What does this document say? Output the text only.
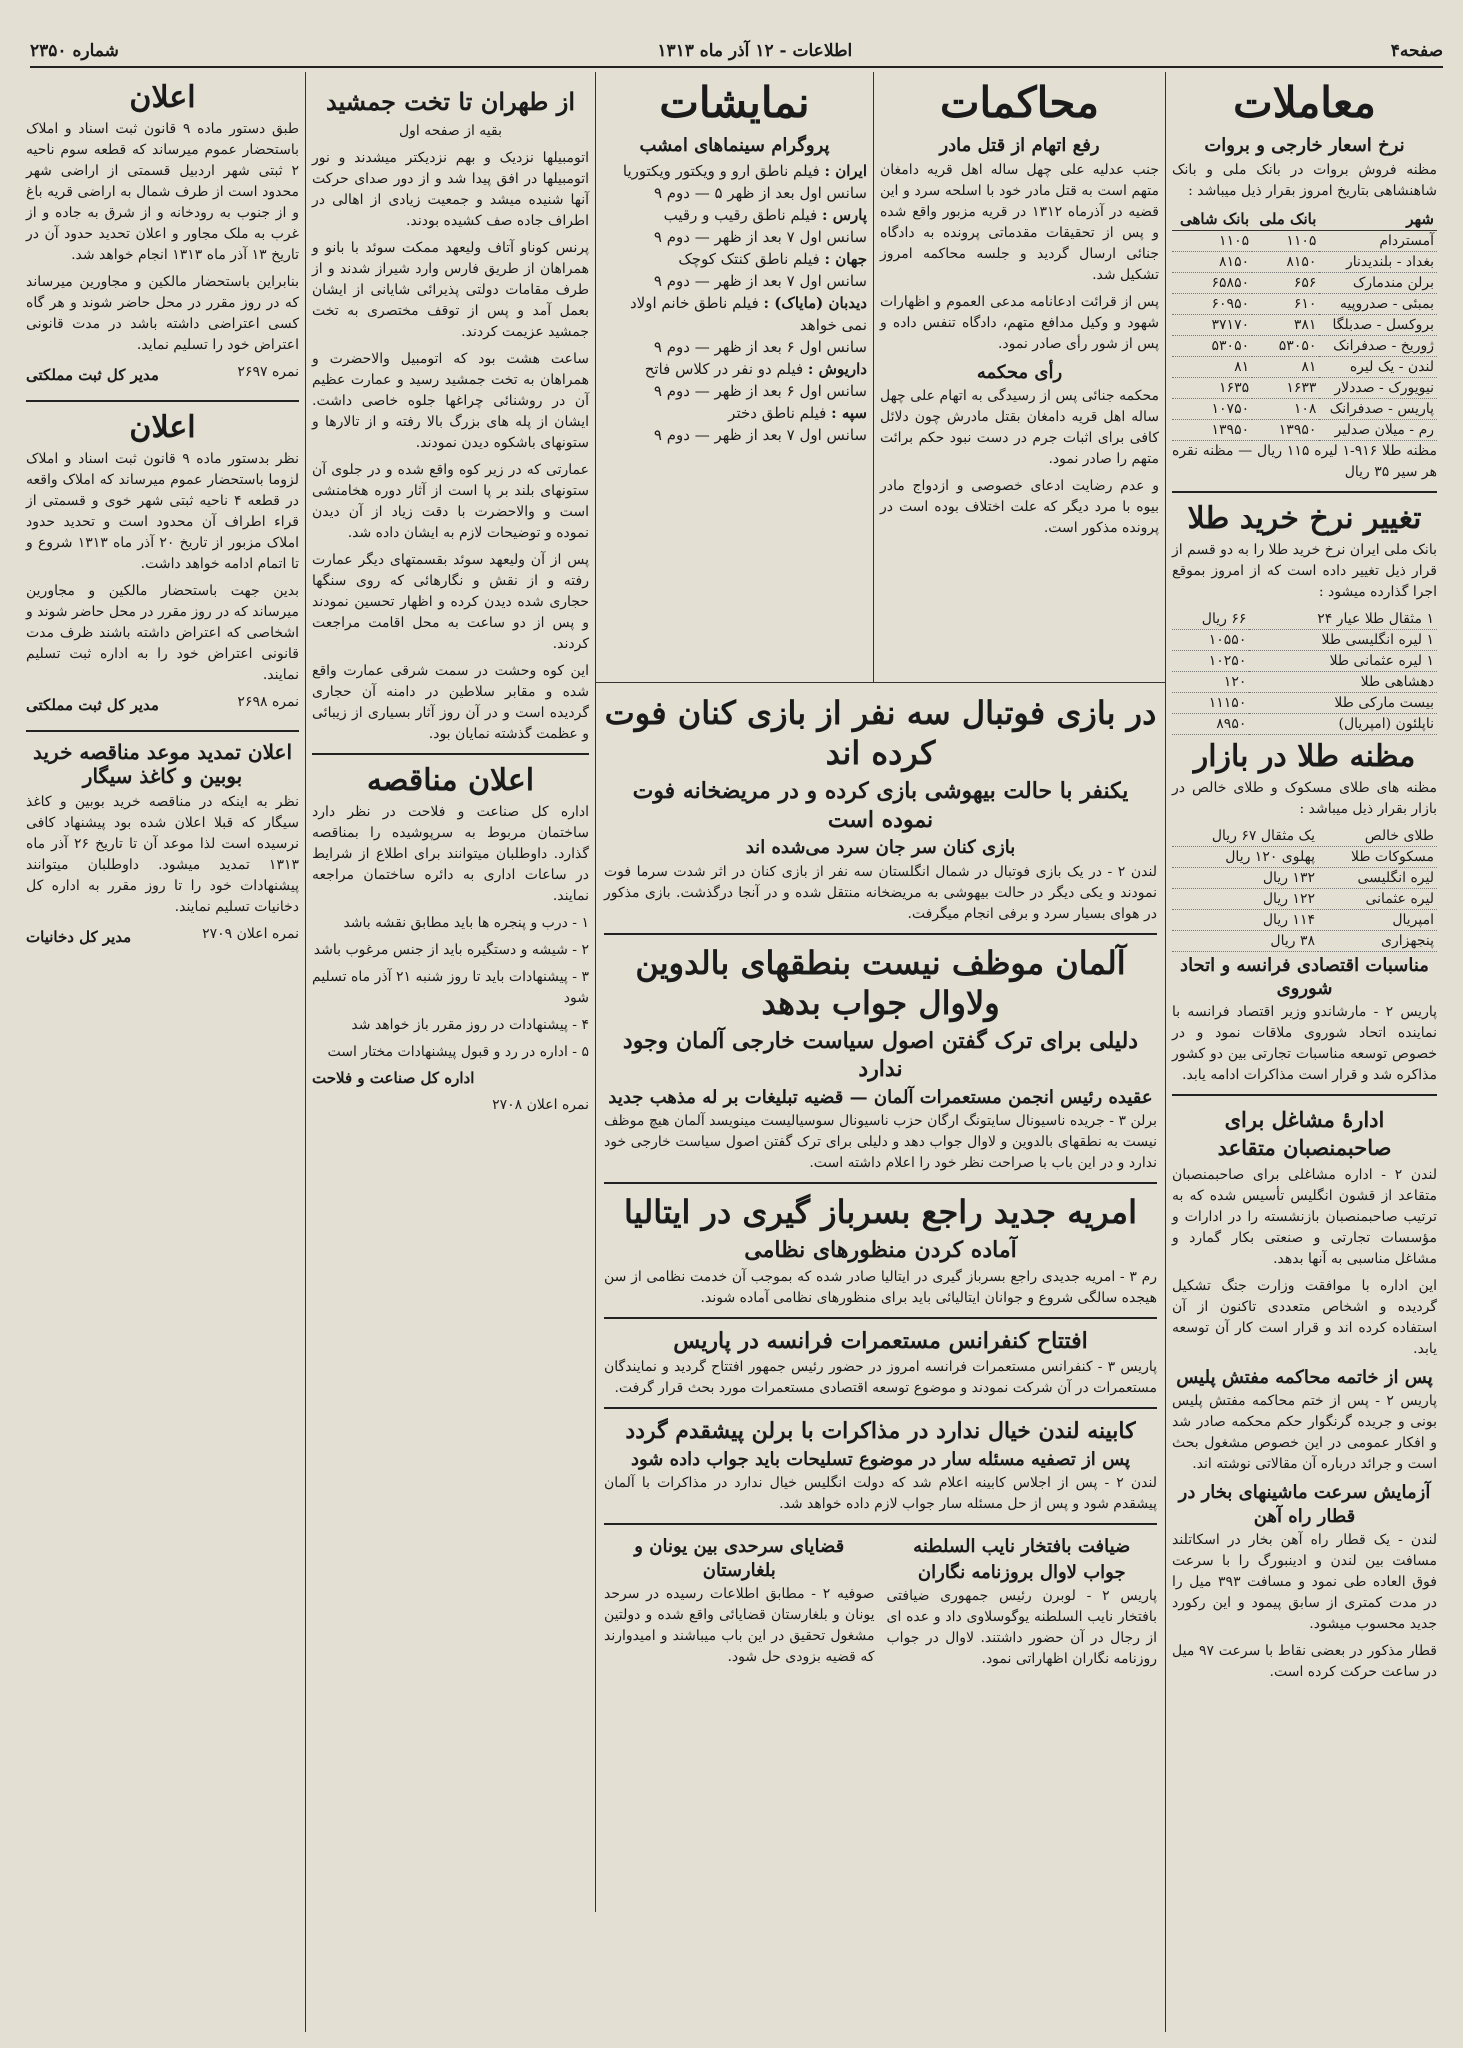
صفحه۴
اطلاعات - ۱۲ آذر ماه ۱۳۱۳
شماره ۲۳۵۰
معاملات
نرخ اسعار خارجی و بروات

مظنه فروش بروات در بانک ملی و بانک شاهنشاهی بتاریخ امروز بقرار ذیل میباشد :

شهر	بانک ملی	بانک شاهی
آمستردام	۱۱۰۵	۱۱۰۵
بغداد - بلندیدنار	۸۱۵۰	۸۱۵۰
برلن مندمارک	۶۵۶	۶۵۸۵۰
بمبئی - صدروپیه	۶۱۰	۶۰۹۵۰
بروکسل - صدبلگا	۳۸۱	۳۷۱۷۰
ژوریخ - صدفرانک	۵۳۰۵۰	۵۳۰۵۰
لندن - یک لیره	۸۱	۸۱
نیویورک - صددلار	۱۶۳۳	۱۶۳۵
پاریس - صدفرانک	۱۰۸	۱۰۷۵۰
رم - میلان صدلیر	۱۳۹۵۰	۱۳۹۵۰

مظنه طلا ۹۱۶-۱ لیره ۱۱۵ ریال — مظنه نقره هر سیر ۳۵ ریال

تغییر نرخ خرید طلا

بانک ملی ایران نرخ خرید طلا را به دو قسم از قرار ذیل تغییر داده است که از امروز بموقع اجرا گذارده میشود :

۱ مثقال طلا عیار ۲۴	۶۶ ریال
۱ لیره انگلیسی طلا	۱۰۵۵۰
۱ لیره عثمانی طلا	۱۰۲۵۰
دهشاهی طلا	۱۲۰
بیست مارکی طلا	۱۱۱۵۰
ناپلئون (امپریال)	۸۹۵۰
مظنه طلا در بازار

مظنه های طلای مسکوک و طلای خالص در بازار بقرار ذیل میباشد :

طلای خالص	یک مثقال ۶۷ ریال
مسکوکات طلا	پهلوی ۱۲۰ ریال
لیره انگلیسی	۱۳۲ ریال
لیره عثمانی	۱۲۲ ریال
امپریال	۱۱۴ ریال
پنجهزاری	۳۸ ریال
مناسبات اقتصادی فرانسه و اتحاد شوروی

پاریس ۲ - مارشاندو وزیر اقتصاد فرانسه با نماینده اتحاد شوروی ملاقات نمود و در خصوص توسعه مناسبات تجارتی بین دو کشور مذاکره شد و قرار است مذاکرات ادامه یابد.

ادارهٔ مشاغل برای صاحبمنصبان متقاعد

لندن ۲ - اداره مشاغلی برای صاحبمنصبان متقاعد از قشون انگلیس تأسیس شده که به ترتیب صاحبمنصبان بازنشسته را در ادارات و مؤسسات تجارتی و صنعتی بکار گمارد و مشاغل مناسبی به آنها بدهد.

این اداره با موافقت وزارت جنگ تشکیل گردیده و اشخاص متعددی تاکنون از آن استفاده کرده اند و قرار است کار آن توسعه یابد.

پس از خاتمه محاکمه مفتش پلیس

پاریس ۲ - پس از ختم محاکمه مفتش پلیس بونی و جریده گرنگوار حکم محکمه صادر شد و افکار عمومی در این خصوص مشغول بحث است و جرائد درباره آن مقالاتی نوشته اند.

آزمایش سرعت ماشینهای بخار در قطار راه آهن

لندن - یک قطار راه آهن بخار در اسکاتلند مسافت بین لندن و ادینبورگ را با سرعت فوق العاده طی نمود و مسافت ۳۹۳ میل را در مدت کمتری از سابق پیمود و این رکورد جدید محسوب میشود.

قطار مذکور در بعضی نقاط با سرعت ۹۷ میل در ساعت حرکت کرده است.

محاکمات
رفع اتهام از قتل مادر

جنب عدلیه علی چهل ساله اهل قریه دامغان متهم است به قتل مادر خود با اسلحه سرد و این قضیه در آذرماه ۱۳۱۲ در قریه مزبور واقع شده و پس از تحقیقات مقدماتی پرونده به دادگاه جنائی ارسال گردید و جلسه محاکمه امروز تشکیل شد.

پس از قرائت ادعانامه مدعی العموم و اظهارات شهود و وکیل مدافع متهم، دادگاه تنفس داده و پس از شور رأی صادر نمود.

رأی محکمه

محکمه جنائی پس از رسیدگی به اتهام علی چهل ساله اهل قریه دامغان بقتل مادرش چون دلائل کافی برای اثبات جرم در دست نبود حکم برائت متهم را صادر نمود.

و عدم رضایت ادعای خصوصی و ازدواج مادر بیوه با مرد دیگر که علت اختلاف بوده است در پرونده مذکور است.

نمایشات
پروگرام سینماهای امشب
ایران : فیلم ناطق ارو و ویکتور ویکتوریا
سانس اول بعد از ظهر ۵ — دوم ۹
پارس : فیلم ناطق رقیب و رقیب
سانس اول ۷ بعد از ظهر — دوم ۹
جهان : فیلم ناطق کنتک کوچک
سانس اول ۷ بعد از ظهر — دوم ۹
دیدبان (مایاک) : فیلم ناطق خانم اولاد نمی خواهد
سانس اول ۶ بعد از ظهر — دوم ۹
داریوش : فیلم دو نفر در کلاس فاتح
سانس اول ۶ بعد از ظهر — دوم ۹
سپه : فیلم ناطق دختر
سانس اول ۷ بعد از ظهر — دوم ۹
در بازی فوتبال سه نفر از بازی کنان فوت کرده اند
یکنفر با حالت بیهوشی بازی کرده و در مریضخانه فوت نموده است
بازی کنان سر جان سرد می‌شده اند

لندن ۲ - در یک بازی فوتبال در شمال انگلستان سه نفر از بازی کنان در اثر شدت سرما فوت نمودند و یکی دیگر در حالت بیهوشی به مریضخانه منتقل شده و در آنجا درگذشت. بازی مذکور در هوای بسیار سرد و برفی انجام میگرفت.

آلمان موظف نیست بنطقهای بالدوین ولاوال جواب بدهد
دلیلی برای ترک گفتن اصول سیاست خارجی آلمان وجود ندارد
عقیده رئیس انجمن مستعمرات آلمان — قضیه تبلیغات بر له مذهب جدید

برلن ۳ - جریده ناسیونال سایتونگ ارگان حزب ناسیونال سوسیالیست مینویسد آلمان هیچ موظف نیست به نطقهای بالدوین و لاوال جواب دهد و دلیلی برای ترک گفتن اصول سیاست خارجی خود ندارد و در این باب با صراحت نظر خود را اعلام داشته است.

امریه جدید راجع بسرباز گیری در ایتالیا
آماده کردن منظورهای نظامی

رم ۳ - امریه جدیدی راجع بسرباز گیری در ایتالیا صادر شده که بموجب آن خدمت نظامی از سن هیجده سالگی شروع و جوانان ایتالیائی باید برای منظورهای نظامی آماده شوند.

افتتاح کنفرانس مستعمرات فرانسه در پاریس

پاریس ۳ - کنفرانس مستعمرات فرانسه امروز در حضور رئیس جمهور افتتاح گردید و نمایندگان مستعمرات در آن شرکت نمودند و موضوع توسعه اقتصادی مستعمرات مورد بحث قرار گرفت.

کابینه لندن خیال ندارد در مذاکرات با برلن پیشقدم گردد
پس از تصفیه مسئله سار در موضوع تسلیحات باید جواب داده شود

لندن ۲ - پس از اجلاس کابینه اعلام شد که دولت انگلیس خیال ندارد در مذاکرات با آلمان پیشقدم شود و پس از حل مسئله سار جواب لازم داده خواهد شد.

ضیافت بافتخار نایب السلطنه
جواب لاوال بروزنامه نگاران

پاریس ۲ - لوبرن رئیس جمهوری ضیافتی بافتخار نایب السلطنه یوگوسلاوی داد و عده ای از رجال در آن حضور داشتند. لاوال در جواب روزنامه نگاران اظهاراتی نمود.

قضایای سرحدی بین یونان و بلغارستان

صوفیه ۲ - مطابق اطلاعات رسیده در سرحد یونان و بلغارستان قضایائی واقع شده و دولتین مشغول تحقیق در این باب میباشند و امیدوارند که قضیه بزودی حل شود.

از طهران تا تخت جمشید
بقیه از صفحه اول

اتومبیلها نزدیک و بهم نزدیکتر میشدند و نور اتومبیلها در افق پیدا شد و از دور صدای حرکت آنها شنیده میشد و جمعیت زیادی از اهالی در اطراف جاده صف کشیده بودند.

پرنس کوناو آتاف ولیعهد ممکت سوئد با بانو و همراهان از طریق فارس وارد شیراز شدند و از طرف مقامات دولتی پذیرائی شایانی از ایشان بعمل آمد و پس از توقف مختصری به تخت جمشید عزیمت کردند.

ساعت هشت بود که اتومبیل والاحضرت و همراهان به تخت جمشید رسید و عمارت عظیم آن در روشنائی چراغها جلوه خاصی داشت. ایشان از پله های بزرگ بالا رفته و از تالارها و ستونهای باشکوه دیدن نمودند.

عمارتی که در زیر کوه واقع شده و در جلوی آن ستونهای بلند بر پا است از آثار دوره هخامنشی است و والاحضرت با دقت زیاد از آن دیدن نموده و توضیحات لازم به ایشان داده شد.

پس از آن ولیعهد سوئد بقسمتهای دیگر عمارت رفته و از نقش و نگارهائی که روی سنگها حجاری شده دیدن کرده و اظهار تحسین نمودند و پس از دو ساعت به محل اقامت مراجعت کردند.

این کوه وحشت در سمت شرقی عمارت واقع شده و مقابر سلاطین در دامنه آن حجاری گردیده است و در آن روز آثار بسیاری از زیبائی و عظمت گذشته نمایان بود.

اعلان مناقصه

اداره کل صناعت و فلاحت در نظر دارد ساختمان مربوط به سرپوشیده را بمناقصه گذارد. داوطلبان میتوانند برای اطلاع از شرایط در ساعات اداری به دائره ساختمان مراجعه نمایند.

۱ - درب و پنجره ها باید مطابق نقشه باشد
۲ - شیشه و دستگیره باید از جنس مرغوب باشد
۳ - پیشنهادات باید تا روز شنبه ۲۱ آذر ماه تسلیم شود
۴ - پیشنهادات در روز مقرر باز خواهد شد
۵ - اداره در رد و قبول پیشنهادات مختار است
اداره کل صناعت و فلاحت
نمره اعلان ۲۷۰۸
اعلان

طبق دستور ماده ۹ قانون ثبت اسناد و املاک باستحضار عموم میرساند که قطعه سوم ناحیه ۲ ثبتی شهر اردبیل قسمتی از اراضی شهر محدود است از طرف شمال به اراضی قریه باغ و از جنوب به رودخانه و از شرق به جاده و از غرب به ملک مجاور و اعلان تحدید حدود آن در تاریخ ۱۳ آذر ماه ۱۳۱۳ انجام خواهد شد.

بنابراین باستحضار مالکین و مجاورین میرساند که در روز مقرر در محل حاضر شوند و هر گاه کسی اعتراضی داشته باشد در مدت قانونی اعتراض خود را تسلیم نماید.

نمره ۲۶۹۷
مدیر کل ثبت مملکتی
اعلان

نظر بدستور ماده ۹ قانون ثبت اسناد و املاک لزوما باستحضار عموم میرساند که املاک واقعه در قطعه ۴ ناحیه ثبتی شهر خوی و قسمتی از قراء اطراف آن محدود است و تحدید حدود املاک مزبور از تاریخ ۲۰ آذر ماه ۱۳۱۳ شروع و تا اتمام ادامه خواهد داشت.

بدین جهت باستحضار مالکین و مجاورین میرساند که در روز مقرر در محل حاضر شوند و اشخاصی که اعتراض داشته باشند ظرف مدت قانونی اعتراض خود را به اداره ثبت تسلیم نمایند.

نمره ۲۶۹۸
مدیر کل ثبت مملکتی
اعلان تمدید موعد مناقصه خرید بوبین و کاغذ سیگار

نظر به اینکه در مناقصه خرید بوبین و کاغذ سیگار که قبلا اعلان شده بود پیشنهاد کافی نرسیده است لذا موعد آن تا تاریخ ۲۶ آذر ماه ۱۳۱۳ تمدید میشود. داوطلبان میتوانند پیشنهادات خود را تا روز مقرر به اداره کل دخانیات تسلیم نمایند.

نمره اعلان ۲۷۰۹
مدیر کل دخانیات
